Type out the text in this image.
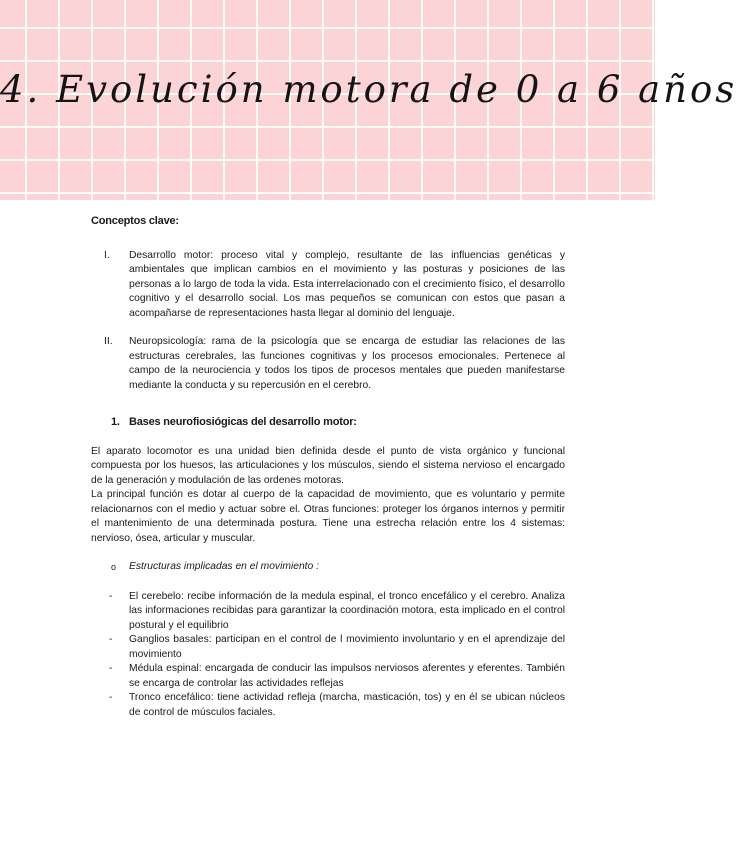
4. Evolución motora de 0 a 6 años
Conceptos clave:
I. Desarrollo motor: proceso vital y complejo, resultante de las influencias genéticas y ambientales que implican cambios en el movimiento y las posturas y posiciones de las personas a lo largo de toda la vida. Esta interrelacionado con el crecimiento físico, el desarrollo cognitivo y el desarrollo social. Los mas pequeños se comunican con estos que pasan a acompañarse de representaciones hasta llegar al dominio del lenguaje.
II. Neuropsicología: rama de la psicología que se encarga de estudiar las relaciones de las estructuras cerebrales, las funciones cognitivas y los procesos emocionales. Pertenece al campo de la neurociencia y todos los tipos de procesos mentales que pueden manifestarse mediante la conducta y su repercusión en el cerebro.
1. Bases neurofiosiógicas del desarrollo motor:

El aparato locomotor es una unidad bien definida desde el punto de vista orgánico y funcional compuesta por los huesos, las articulaciones y los músculos, siendo el sistema nervioso el encargado de la generación y modulación de las ordenes motoras.

La principal función es dotar al cuerpo de la capacidad de movimiento, que es voluntario y permite relacionarnos con el medio y actuar sobre el. Otras funciones: proteger los órganos internos y permitir el mantenimiento de una determinada postura. Tiene una estrecha relación entre los 4 sistemas: nervioso, ósea, articular y muscular.

o Estructuras implicadas en el movimiento :
- El cerebelo: recibe información de la medula espinal, el tronco encefálico y el cerebro. Analiza las informaciones recibidas para garantizar la coordinación motora, esta implicado en el control postural y el equilibrio
- Ganglios basales: participan en el control de l movimiento involuntario y en el aprendizaje del movimiento
- Médula espinal: encargada de conducir las impulsos nerviosos aferentes y eferentes. También se encarga de controlar las actividades reflejas
- Tronco encefálico: tiene actividad refleja (marcha, masticación, tos) y en él se ubican núcleos de control de músculos faciales.
